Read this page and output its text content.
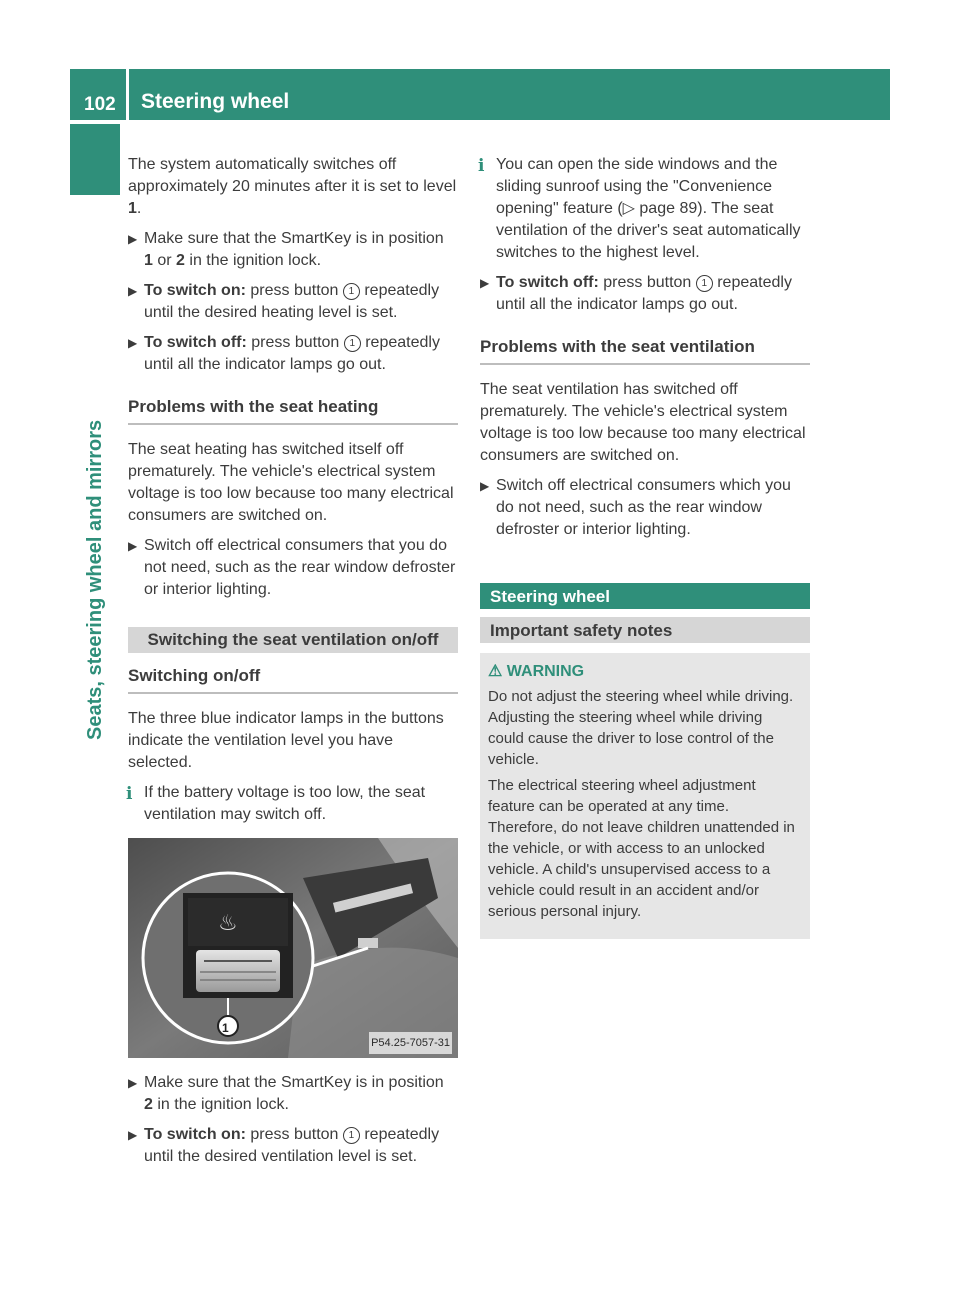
102 Steering wheel
Seats, steering wheel and mirrors

The system automatically switches off approximately 20 minutes after it is set to level 1.

▶ Make sure that the SmartKey is in position
1 or 2 in the ignition lock.
▶ To switch on: press button 1 repeatedly until the desired heating level is set.
▶ To switch off: press button 1 repeatedly until all the indicator lamps go out.
Problems with the seat heating

The seat heating has switched itself off prematurely. The vehicle's electrical system voltage is too low because too many electrical consumers are switched on.

▶ Switch off electrical consumers that you do not need, such as the rear window defroster or interior lighting.
Switching the seat ventilation on/off
Switching on/off

The three blue indicator lamps in the buttons indicate the ventilation level you have selected.

i If the battery voltage is too low, the seat ventilation may switch off.
♨
1
P54.25-7057-31
▶ Make sure that the SmartKey is in position
2 in the ignition lock.
▶ To switch on: press button 1 repeatedly until the desired ventilation level is set.
i You can open the side windows and the sliding sunroof using the "Convenience opening" feature (▷ page 89). The seat ventilation of the driver's seat automatically switches to the highest level.
▶ To switch off: press button 1 repeatedly until all the indicator lamps go out.
Problems with the seat ventilation

The seat ventilation has switched off prematurely. The vehicle's electrical system voltage is too low because too many electrical consumers are switched on.

▶ Switch off electrical consumers which you do not need, such as the rear window defroster or interior lighting.
Steering wheel
Important safety notes
⚠ WARNING

Do not adjust the steering wheel while driving. Adjusting the steering wheel while driving could cause the driver to lose control of the vehicle.

The electrical steering wheel adjustment feature can be operated at any time. Therefore, do not leave children unattended in the vehicle, or with access to an unlocked vehicle. A child's unsupervised access to a vehicle could result in an accident and/or serious personal injury.
